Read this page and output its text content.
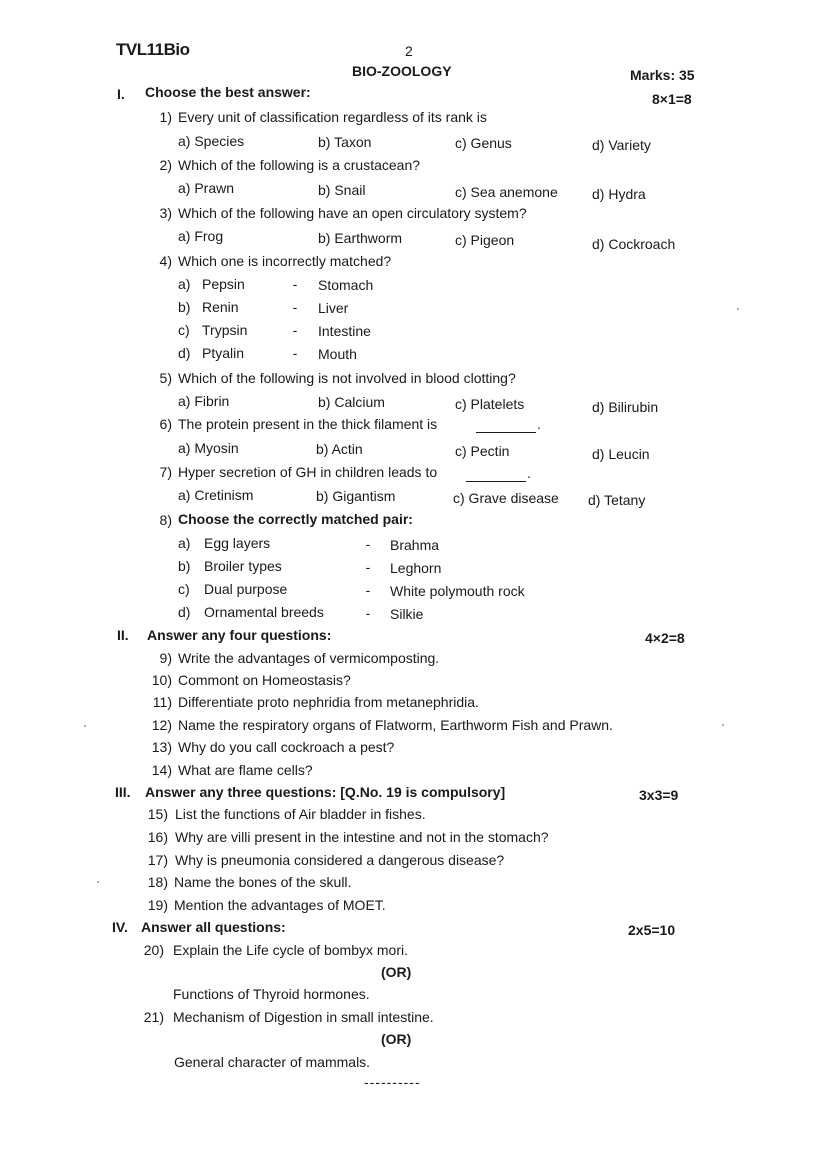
TVL11Bio	2
BIO-ZOOLOGY	Marks: 35
I. Choose the best answer:	8×1=8
1) Every unit of classification regardless of its rank is
a) Species	b) Taxon	c) Genus	d) Variety
2) Which of the following is a crustacean?
a) Prawn	b) Snail	c) Sea anemone d) Hydra
3) Which of the following have an open circulatory system?
a) Frog	b) Earthworm	c) Pigeon	d) Cockroach
4) Which one is incorrectly matched?
a) Pepsin	- Stomach
b) Renin	- Liver
c) Trypsin	- Intestine
d) Ptyalin	- Mouth
5) Which of the following is not involved in blood clotting?
a) Fibrin	b) Calcium	c) Platelets	d) Bilirubin
6) The protein present in the thick filament is	.
a) Myosin	b) Actin	c) Pectin	d) Leucin
7) Hyper secretion of GH in children leads to	.
a) Cretinism	b) Gigantism	c) Grave disease d) Tetany
8) Choose the correctly matched pair:
a) Egg layers	- Brahma
b) Broiler types	- Leghorn
c) Dual purpose	- White polymouth rock
d) Ornamental breeds	- Silkie
II. Answer any four questions:	4×2=8
9) Write the advantages of vermicomposting.
10) Commont on Homeostasis?
11) Differentiate proto nephridia from metanephridia.
12) Name the respiratory organs of Flatworm, Earthworm Fish and Prawn.
13) Why do you call cockroach a pest?
14) What are flame cells?
III. Answer any three questions: [Q.No. 19 is compulsory]	3x3=9
15) List the functions of Air bladder in fishes.
16) Why are villi present in the intestine and not in the stomach?
17) Why is pneumonia considered a dangerous disease?
18) Name the bones of the skull.
19) Mention the advantages of MOET.
IV. Answer all questions:	2x5=10
20) Explain the Life cycle of bombyx mori.
(OR)
Functions of Thyroid hormones.
21) Mechanism of Digestion in small intestine.
(OR)
General character of mammals.
----------
